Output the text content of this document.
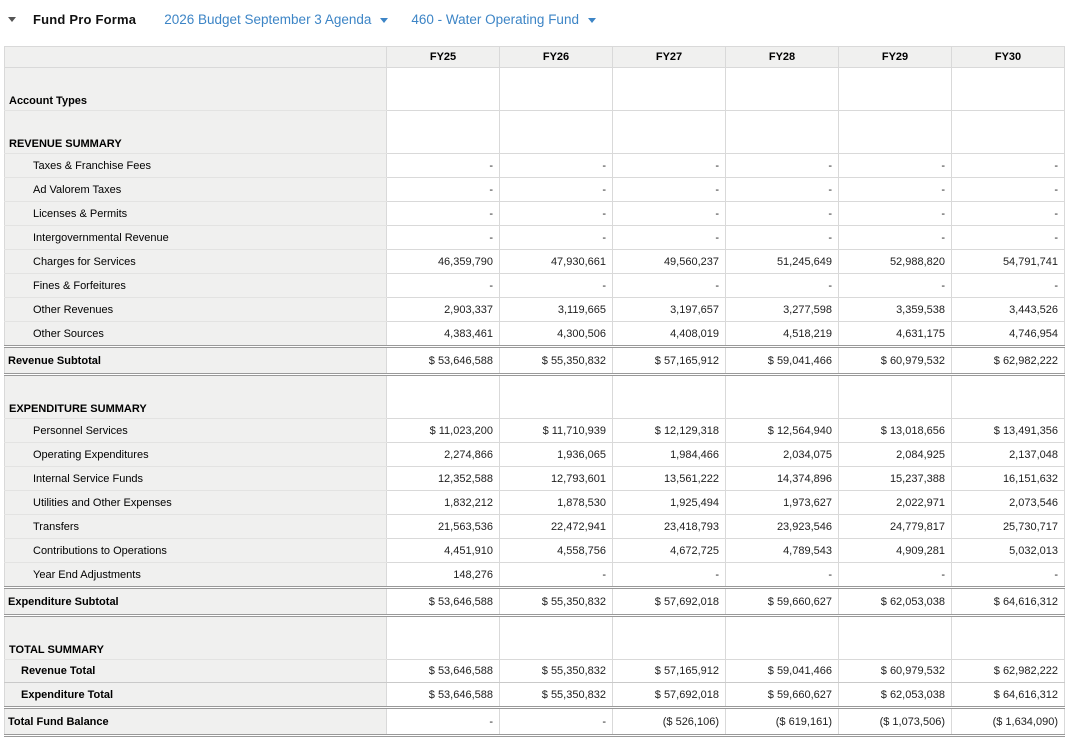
Fund Pro Forma 2026 Budget September 3 Agenda	460 - Water Operating Fund
	FY25	FY26	FY27	FY28	FY29	FY30
Account Types						
REVENUE SUMMARY						
Taxes & Franchise Fees	-	-	-	-	-	-
Ad Valorem Taxes	-	-	-	-	-	-
Licenses & Permits	-	-	-	-	-	-
Intergovernmental Revenue	-	-	-	-	-	-
Charges for Services	46,359,790	47,930,661	49,560,237	51,245,649	52,988,820	54,791,741
Fines & Forfeitures	-	-	-	-	-	-
Other Revenues	2,903,337	3,119,665	3,197,657	3,277,598	3,359,538	3,443,526
Other Sources	4,383,461	4,300,506	4,408,019	4,518,219	4,631,175	4,746,954
Revenue Subtotal	$ 53,646,588	$ 55,350,832	$ 57,165,912	$ 59,041,466	$ 60,979,532	$ 62,982,222
EXPENDITURE SUMMARY						
Personnel Services	$ 11,023,200	$ 11,710,939	$ 12,129,318	$ 12,564,940	$ 13,018,656	$ 13,491,356
Operating Expenditures	2,274,866	1,936,065	1,984,466	2,034,075	2,084,925	2,137,048
Internal Service Funds	12,352,588	12,793,601	13,561,222	14,374,896	15,237,388	16,151,632
Utilities and Other Expenses	1,832,212	1,878,530	1,925,494	1,973,627	2,022,971	2,073,546
Transfers	21,563,536	22,472,941	23,418,793	23,923,546	24,779,817	25,730,717
Contributions to Operations	4,451,910	4,558,756	4,672,725	4,789,543	4,909,281	5,032,013
Year End Adjustments	148,276	-	-	-	-	-
Expenditure Subtotal	$ 53,646,588	$ 55,350,832	$ 57,692,018	$ 59,660,627	$ 62,053,038	$ 64,616,312
TOTAL SUMMARY						
Revenue Total	$ 53,646,588	$ 55,350,832	$ 57,165,912	$ 59,041,466	$ 60,979,532	$ 62,982,222
Expenditure Total	$ 53,646,588	$ 55,350,832	$ 57,692,018	$ 59,660,627	$ 62,053,038	$ 64,616,312
Total Fund Balance	-	-	($ 526,106)	($ 619,161)	($ 1,073,506)	($ 1,634,090)
